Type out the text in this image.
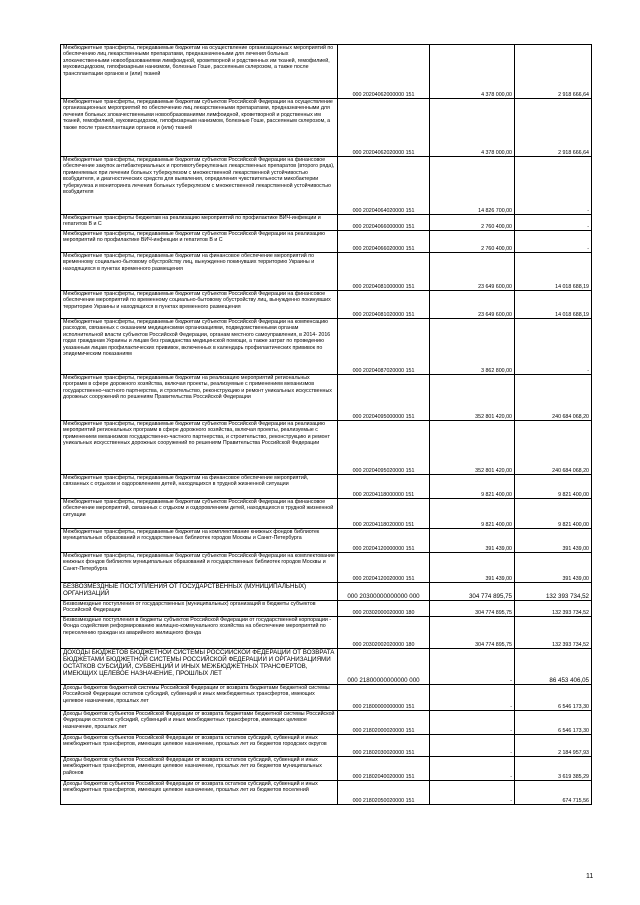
Межбюджетные трансферты, передаваемые бюджетам на осуществление организационных мероприятий по обеспечению лиц лекарственными препаратами, предназначенными для лечения больных злокачественными новообразованиями лимфоидной, кроветворной и родственных им тканей, гемофилией, муковисцидозом, гипофизарным нанизмом, болезнью Гоше, рассеянным склерозом, а также после трансплантации органов и (или) тканей	000 20204062000000 151	4 378 000,00	2 918 666,64
Межбюджетные трансферты, передаваемые бюджетам субъектов Российской Федерации на осуществление организационных мероприятий по обеспечению лиц лекарственными препаратами, предназначенными для лечения больных злокачественными новообразованиями лимфоидной, кроветворной и родственных им тканей, гемофилией, муковисцидозом, гипофизарным нанизмом, болезнью Гоше, рассеянным склерозом, а также после трансплантации органов и (или) тканей	000 20204062020000 151	4 378 000,00	2 918 666,64
Межбюджетные трансферты, передаваемые бюджетам субъектов Российской Федерации на финансовое обеспечение закупок антибактериальных и противотуберкулезных лекарственных препаратов (второго ряда), применяемых при лечении больных туберкулезом с множественной лекарственной устойчивостью возбудителя, и диагностических средств для выявления, определения чувствительности микобактерии туберкулеза и мониторинга лечения больных туберкулезом с множественной лекарственной устойчивостью возбудителя	000 20204064020000 151	14 826 700,00	-
Межбюджетные трансферты бюджетам на реализацию мероприятий по профилактике ВИЧ-инфекции и гепатитов В и С	000 20204066000000 151	2 760 400,00	-
Межбюджетные трансферты, передаваемые бюджетам субъектов Российской Федерации на реализацию мероприятий по профилактике ВИЧ-инфекции и гепатитов В и С	000 20204066020000 151	2 760 400,00	-
Межбюджетные трансферты, передаваемые бюджетам на финансовое обеспечение мероприятий по временному социально-бытовому обустройству лиц, вынужденно покинувших территорию Украины и находящихся в пунктах временного размещения	000 20204081000000 151	23 649 600,00	14 018 688,19
Межбюджетные трансферты, передаваемые бюджетам субъектов Российской Федерации на финансовое обеспечение мероприятий по временному социально-бытовому обустройству лиц, вынужденно покинувших территорию Украины и находящихся в пунктах временного размещения	000 20204081020000 151	23 649 600,00	14 018 688,19
Межбюджетные трансферты, передаваемые бюджетам субъектов Российской Федерации на компенсацию расходов, связанных с оказанием медицинскими организациями, подведомственными органам исполнительной власти субъектов Российской Федерации, органам местного самоуправления, в 2014- 2016 годах гражданам Украины и лицам без гражданства медицинской помощи, а также затрат по проведению указанным лицам профилактических прививок, включенных в календарь профилактических прививок по эпидемическим показаниям	000 20204087020000 151	3 862 800,00	-
Межбюджетные трансферты, передаваемые бюджетам на реализацию мероприятий региональных программ в сфере дорожного хозяйства, включая проекты, реализуемые с применением механизмов государственно-частного партнерства, и строительство, реконструкцию и ремонт уникальных искусственных дорожных сооружений по решениям Правительства Российской Федерации	000 20204095000000 151	352 801 420,00	240 684 068,20
Межбюджетные трансферты, передаваемые бюджетам субъектов Российской Федерации на реализацию мероприятий региональных программ в сфере дорожного хозяйства, включая проекты, реализуемые с применением механизмов государственно-частного партнерства, и строительство, реконструкцию и ремонт уникальных искусственных дорожных сооружений по решениям Правительства Российской Федерации	000 20204095020000 151	352 801 420,00	240 684 068,20
Межбюджетные трансферты, передаваемые бюджетам на финансовое обеспечение мероприятий, связанных с отдыхом и оздоровлением детей, находящихся в трудной жизненной ситуации	000 20204118000000 151	9 821 400,00	9 821 400,00
Межбюджетные трансферты, передаваемые бюджетам субъектов Российской Федерации на финансовое обеспечение мероприятий, связанных с отдыхом и оздоровлением детей, находящихся в трудной жизненной ситуации	000 20204118020000 151	9 821 400,00	9 821 400,00
Межбюджетные трансферты, передаваемые бюджетам на комплектование книжных фондов библиотек муниципальных образований и государственных библиотек городов Москвы и Санкт-Петербурга	000 20204120000000 151	391 439,00	391 439,00
Межбюджетные трансферты, передаваемые бюджетам субъектов Российской Федерации на комплектование книжных фондов библиотек муниципальных образований и государственных библиотек городов Москвы и Санкт-Петербурга	000 20204120020000 151	391 439,00	391 439,00
БЕЗВОЗМЕЗДНЫЕ ПОСТУПЛЕНИЯ ОТ ГОСУДАРСТВЕННЫХ (МУНИЦИПАЛЬНЫХ) ОРГАНИЗАЦИЙ	000 20300000000000 000	304 774 895,75	132 393 734,52
Безвозмездные поступления от государственных (муниципальных) организаций в бюджеты субъектов Российской Федерации	000 20302000020000 180	304 774 895,75	132 393 734,52
Безвозмездные поступления в бюджеты субъектов Российской Федерации от государственной корпорации - Фонда содействия реформированию жилищно-коммунального хозяйства на обеспечение мероприятий по переселению граждан из аварийного жилищного фонда	000 20302002020000 180	304 774 895,75	132 393 734,52
ДОХОДЫ БЮДЖЕТОВ БЮДЖЕТНОЙ СИСТЕМЫ РОССИЙСКОЙ ФЕДЕРАЦИИ ОТ ВОЗВРАТА БЮДЖЕТАМИ БЮДЖЕТНОЙ СИСТЕМЫ РОССИЙСКОЙ ФЕДЕРАЦИИ И ОРГАНИЗАЦИЯМИ ОСТАТКОВ СУБСИДИЙ, СУБВЕНЦИЙ И ИНЫХ МЕЖБЮДЖЕТНЫХ ТРАНСФЕРТОВ, ИМЕЮЩИХ ЦЕЛЕВОЕ НАЗНАЧЕНИЕ, ПРОШЛЫХ ЛЕТ	000 21800000000000 000	-	86 453 406,05
Доходы бюджетов бюджетной системы Российской Федерации от возврата бюджетами бюджетной системы Российской Федерации остатков субсидий, субвенций и иных межбюджетных трансфертов, имеющих целевое назначение, прошлых лет	000 21800000000000 151	-	6 546 173,30
Доходы бюджетов субъектов Российской Федерации от возврата бюджетами бюджетной системы Российской Федерации остатков субсидий, субвенций и иных межбюджетных трансфертов, имеющих целевое назначение, прошлых лет	000 21802000020000 151	-	6 546 173,30
Доходы бюджетов субъектов Российской Федерации от возврата остатков субсидий, субвенций и иных межбюджетных трансфертов, имеющих целевое назначение, прошлых лет из бюджетов городских округов	000 21802030020000 151	-	2 184 957,93
Доходы бюджетов субъектов Российской Федерации от возврата остатков субсидий, субвенций и иных межбюджетных трансфертов, имеющих целевое назначение, прошлых лет из бюджетов муниципальных районов	000 21802040020000 151	-	3 619 385,29
Доходы бюджетов субъектов Российской Федерации от возврата остатков субсидий, субвенций и иных межбюджетных трансфертов, имеющих целевое назначение, прошлых лет из бюджетов поселений	000 21802050020000 151	-	674 715,56
11
